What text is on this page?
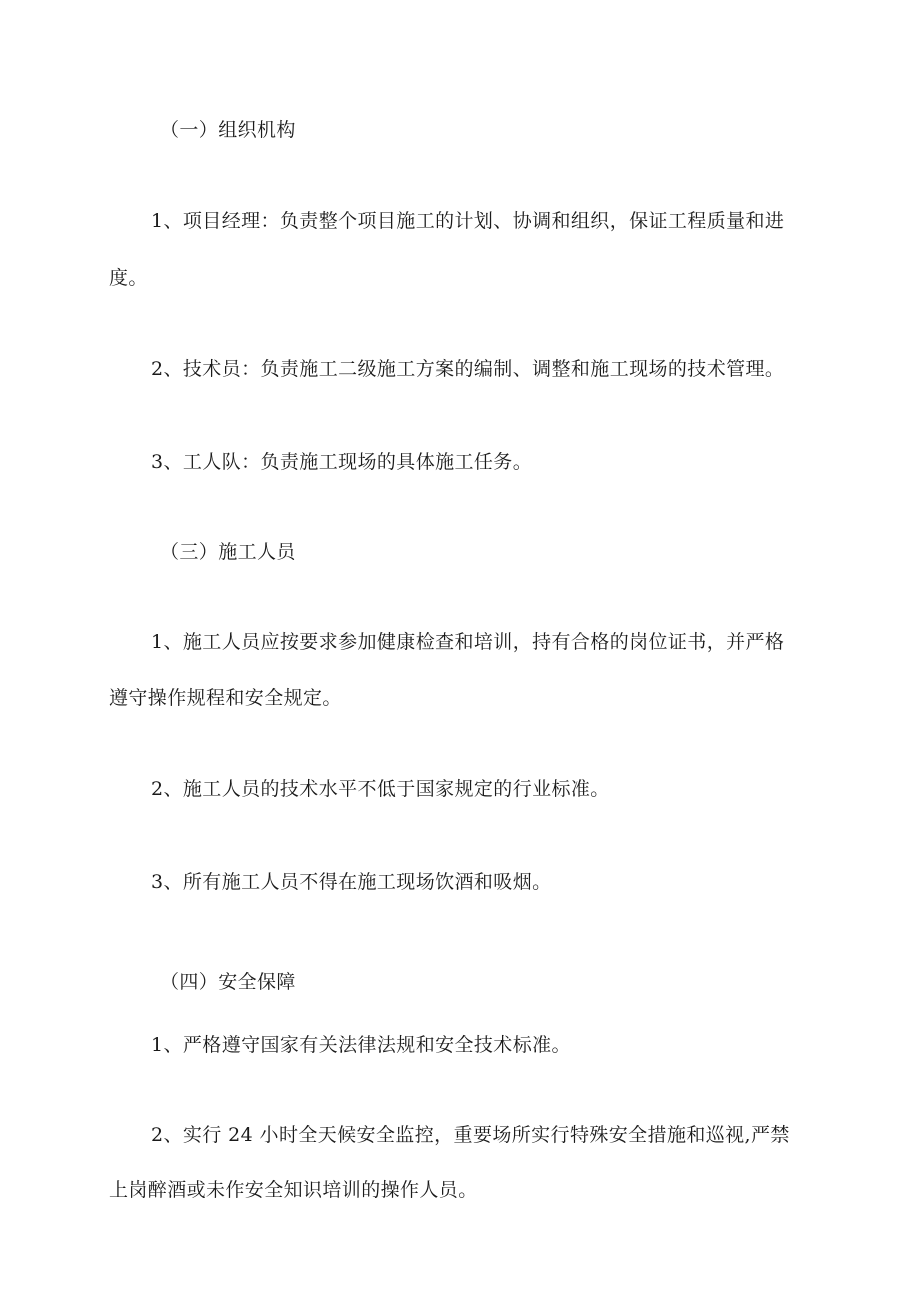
（一）组织机构
1、项目经理：负责整个项目施工的计划、协调和组织，保证工程质量和进
度。
2、技术员：负责施工二级施工方案的编制、调整和施工现场的技术管理。
3、工人队：负责施工现场的具体施工任务。
（三）施工人员
1、施工人员应按要求参加健康检查和培训，持有合格的岗位证书，并严格
遵守操作规程和安全规定。
2、施工人员的技术水平不低于国家规定的行业标准。
3、所有施工人员不得在施工现场饮酒和吸烟。
（四）安全保障
1、严格遵守国家有关法律法规和安全技术标准。
2、实行 24 小时全天候安全监控，重要场所实行特殊安全措施和巡视,严禁
上岗醉酒或未作安全知识培训的操作人员。
